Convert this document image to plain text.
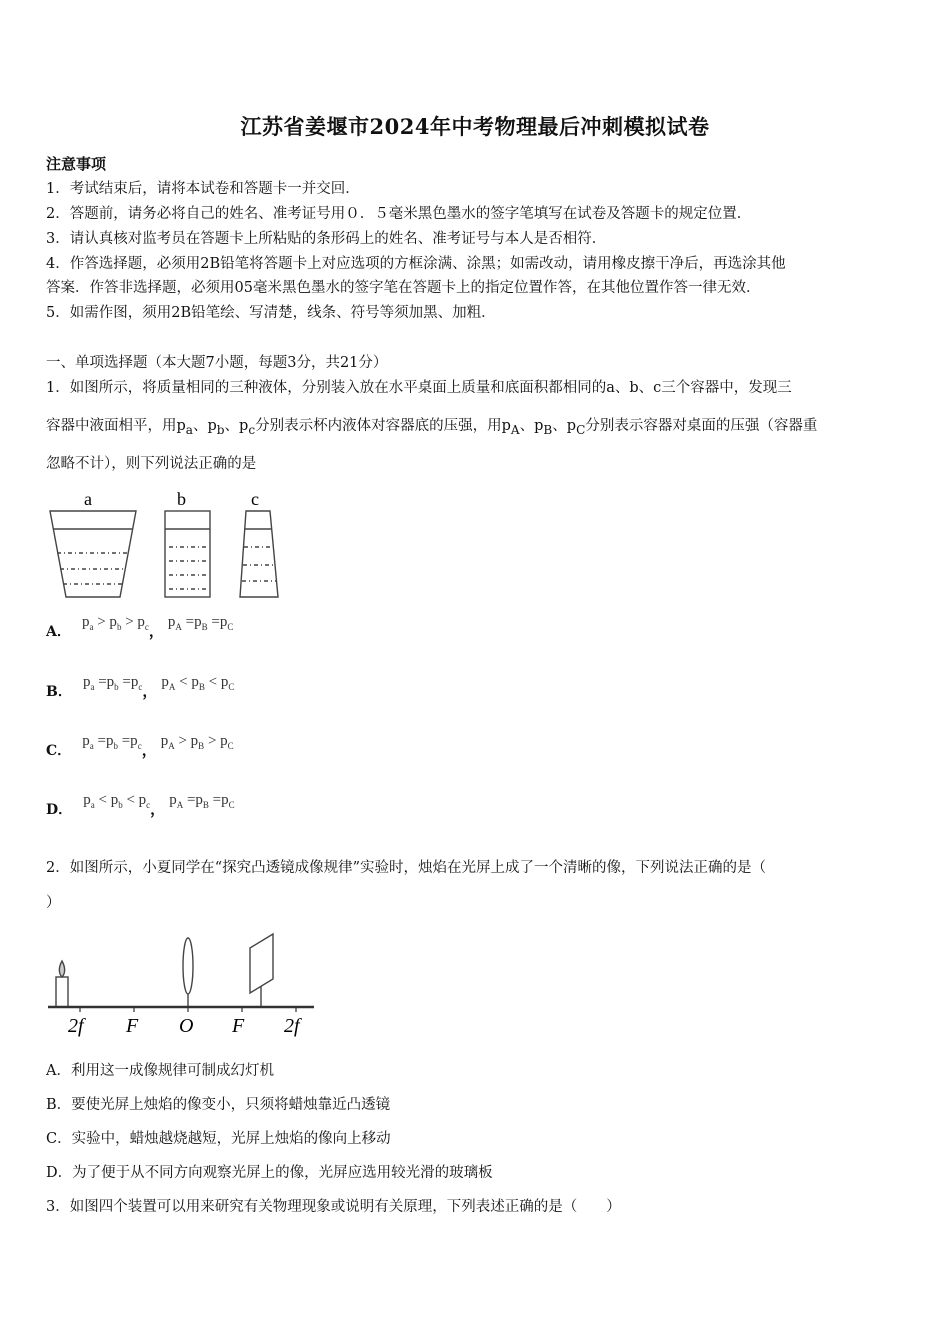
江苏省姜堰市2024年中考物理最后冲刺模拟试卷
注意事项
1．考试结束后，请将本试卷和答题卡一并交回．
2．答题前，请务必将自己的姓名、准考证号用０．５毫米黑色墨水的签字笔填写在试卷及答题卡的规定位置．
3．请认真核对监考员在答题卡上所粘贴的条形码上的姓名、准考证号与本人是否相符．
4．作答选择题，必须用2B铅笔将答题卡上对应选项的方框涂满、涂黑；如需改动，请用橡皮擦干净后，再选涂其他
答案．作答非选择题，必须用05毫米黑色墨水的签字笔在答题卡上的指定位置作答，在其他位置作答一律无效．
5．如需作图，须用2B铅笔绘、写清楚，线条、符号等须加黑、加粗．
一、单项选择题（本大题7小题，每题3分，共21分）
1．如图所示，将质量相同的三种液体，分别装入放在水平桌面上质量和底面积都相同的a、b、c三个容器中，发现三
容器中液面相平，用$p_a$、$p_b$、$p_c$分别表示杯内液体对容器底的压强，用$p_A$、$p_B$、$p_C$分别表示容器对桌面的压强（容器重
忽略不计），则下列说法正确的是
a	b	c
A． $p_a > p_b > p_c$， $p_A =p_B =p_C$
B． $p_a =p_b =p_c$， $p_A < p_B < p_C$
C． $p_a =p_b =p_c$， $p_A > p_B > p_C$
D． $p_a < p_b < p_c$， $p_A =p_B =p_C$
2．如图所示，小夏同学在“探究凸透镜成像规律”实验时，烛焰在光屏上成了一个清晰的像，下列说法正确的是（
）
2f F O F 2f
A．利用这一成像规律可制成幻灯机
B．要使光屏上烛焰的像变小，只须将蜡烛靠近凸透镜
C．实验中，蜡烛越烧越短，光屏上烛焰的像向上移动
D．为了便于从不同方向观察光屏上的像，光屏应选用较光滑的玻璃板
3．如图四个装置可以用来研究有关物理现象或说明有关原理，下列表述正确的是（　　）
